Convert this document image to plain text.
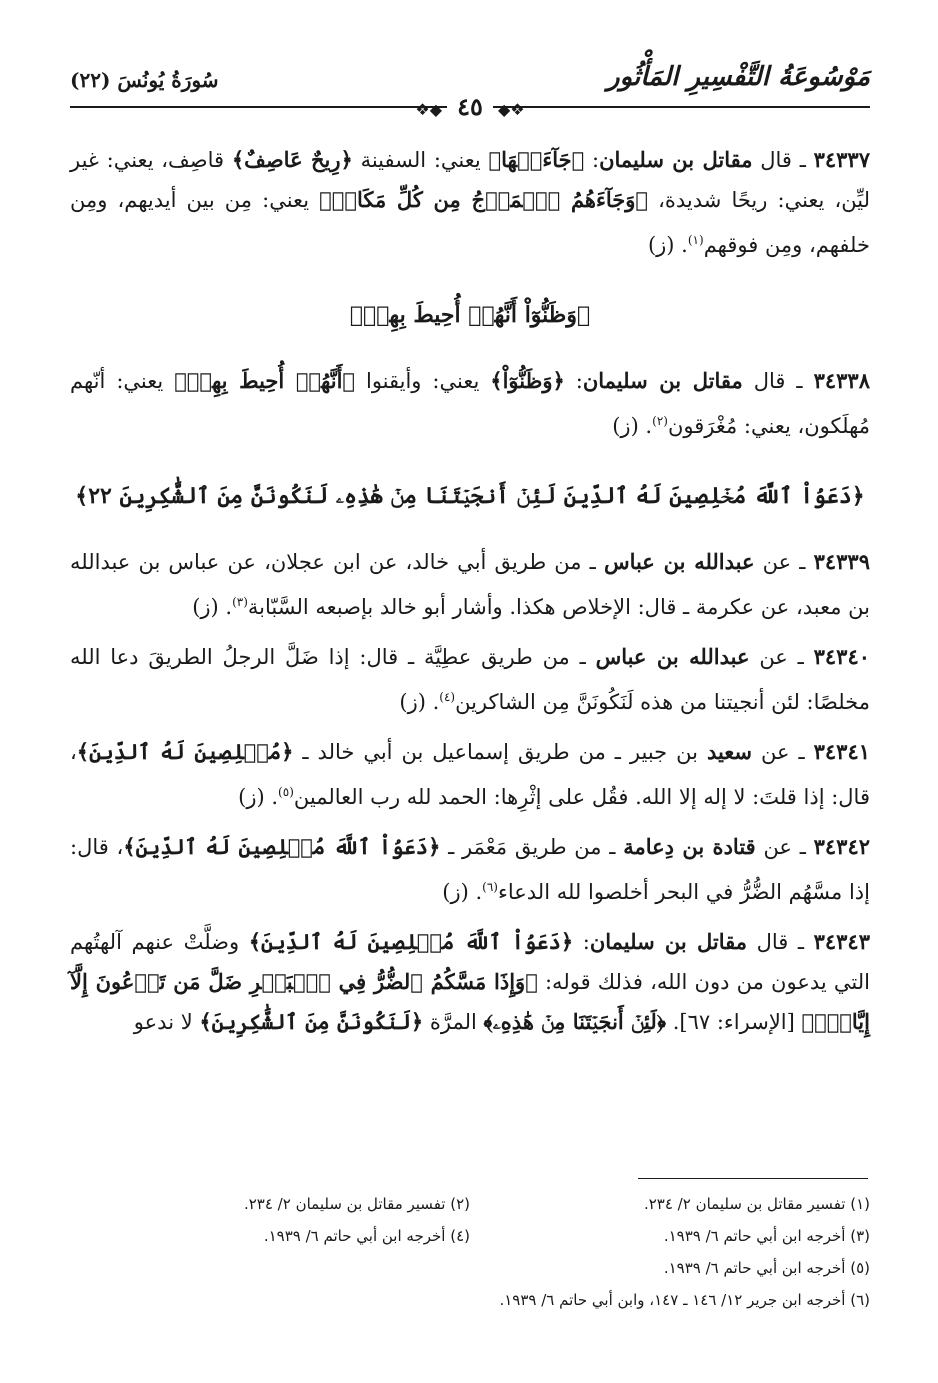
مَوْسُوعَةُ التَّفْسِيرِ المَأْثُور
سُورَةُ يُونُسَ (٢٢)
❖◆ ٤٥ ◆❖

٣٤٣٣٧ ـ قال مقاتل بن سليمان: ﴿جَآءَتۡهَا﴾ يعني: السفينة ﴿رِيحٌ عَاصِفٌ﴾ قاصِف، يعني: غير ليِّن، يعني: ريحًا شديدة، ﴿وَجَآءَهُمُ ٱلۡمَوۡجُ مِن كُلِّ مَكَانٖ﴾ يعني: مِن بين أيديهم، ومِن خلفهم، ومِن فوقهم$^{(١)}$. (ز)

﴿وَظَنُّوٓاْ أَنَّهُمۡ أُحِيطَ بِهِمۡ﴾

٣٤٣٣٨ ـ قال مقاتل بن سليمان: ﴿وَظَنُّوٓاْ﴾ يعني: وأيقنوا ﴿أَنَّهُمۡ أُحِيطَ بِهِمۡ﴾ يعني: أنّهم مُهلَكون، يعني: مُغْرَقون$^{(٢)}$. (ز)

﴿دَعَوُاْ ٱللَّهَ مُخۡلِصِينَ لَهُ ٱلدِّينَ لَئِنۡ أَنجَيۡتَنَا مِنۡ هَٰذِهِۦ لَنَكُونَنَّ مِنَ ٱلشَّٰكِرِينَ ٢٢﴾

٣٤٣٣٩ ـ عن عبدالله بن عباس ـ من طريق أبي خالد، عن ابن عجلان، عن عباس بن عبدالله بن معبد، عن عكرمة ـ قال: الإخلاص هكذا. وأشار أبو خالد بإصبعه السَّبّابة$^{(٣)}$. (ز)

٣٤٣٤٠ ـ عن عبدالله بن عباس ـ من طريق عطِيَّة ـ قال: إذا ضَلَّ الرجلُ الطريقَ دعا الله مخلصًا: لئن أنجيتنا من هذه لَنَكُونَنَّ مِن الشاكرين$^{(٤)}$. (ز)

٣٤٣٤١ ـ عن سعيد بن جبير ـ من طريق إسماعيل بن أبي خالد ـ ﴿مُخۡلِصِينَ لَهُ ٱلدِّينَ﴾، قال: إذا قلتَ: لا إله إلا الله. فقُل على إثْرِها: الحمد لله رب العالمين$^{(٥)}$. (ز)

٣٤٣٤٢ ـ عن قتادة بن دِعامة ـ من طريق مَعْمَر ـ ﴿دَعَوُاْ ٱللَّهَ مُخۡلِصِينَ لَهُ ٱلدِّينَ﴾، قال: إذا مسَّهُم الضُّرُّ في البحر أخلصوا لله الدعاء$^{(٦)}$. (ز)

٣٤٣٤٣ ـ قال مقاتل بن سليمان: ﴿دَعَوُاْ ٱللَّهَ مُخۡلِصِينَ لَهُ ٱلدِّينَ﴾ وضلَّتْ عنهم آلهتُهم التي يدعون من دون الله، فذلك قوله: ﴿وَإِذَا مَسَّكُمُ ٱلضُّرُّ فِي ٱلۡبَحۡرِ ضَلَّ مَن تَدۡعُونَ إِلَّآ إِيَّاهُۖ﴾ [الإسراء: ٦٧]. ﴿لَئِنۡ أَنجَيۡتَنَا مِنۡ هَٰذِهِۦ﴾ المرَّة ﴿لَنَكُونَنَّ مِنَ ٱلشَّٰكِرِينَ﴾ لا ندعو

(١) تفسير مقاتل بن سليمان ٢/ ٢٣٤.
(٢) تفسير مقاتل بن سليمان ٢/ ٢٣٤.
(٣) أخرجه ابن أبي حاتم ٦/ ١٩٣٩.
(٤) أخرجه ابن أبي حاتم ٦/ ١٩٣٩.
(٥) أخرجه ابن أبي حاتم ٦/ ١٩٣٩.
(٦) أخرجه ابن جرير ١٢/ ١٤٦ ـ ١٤٧، وابن أبي حاتم ٦/ ١٩٣٩.
